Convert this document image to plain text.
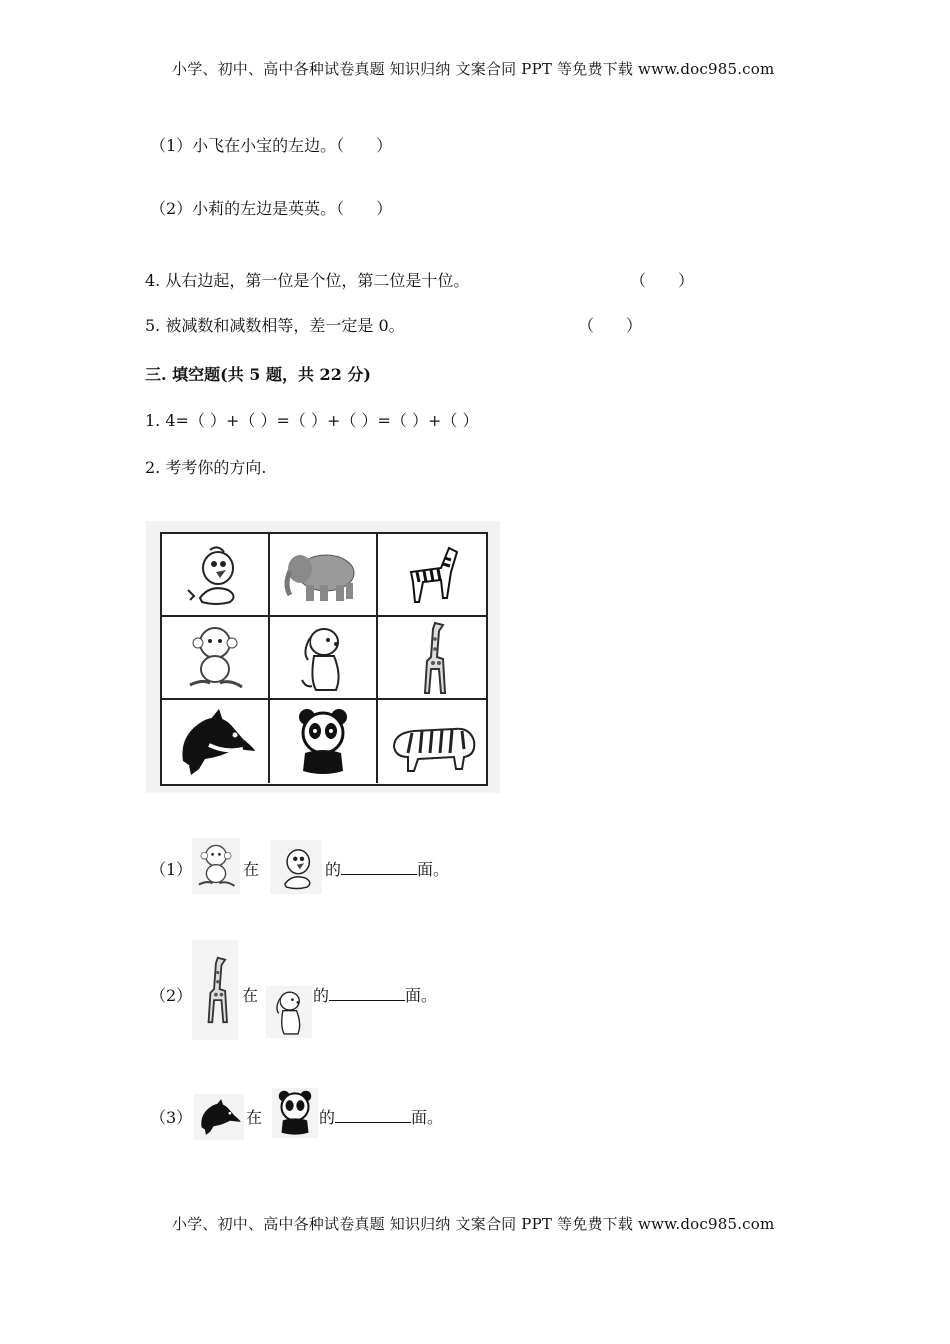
小学、初中、高中各种试卷真题 知识归纳 文案合同 PPT 等免费下载 www.doc985.com
（1）小飞在小宝的左边。（　　）
（2）小莉的左边是英英。（　　）
4. 从右边起，第一位是个位，第二位是十位。	（　　）
5. 被减数和减数相等，差一定是 0。	（　　）
三. 填空题(共 5 题，共 22 分)
1. 4=（ ）+（ ）=（ ）+（ ）=（ ）+（ ）
2. 考考你的方向.
（1）	在	的	面。
（2）	在	的	面。
（3）	在	的	面。
小学、初中、高中各种试卷真题 知识归纳 文案合同 PPT 等免费下载 www.doc985.com
